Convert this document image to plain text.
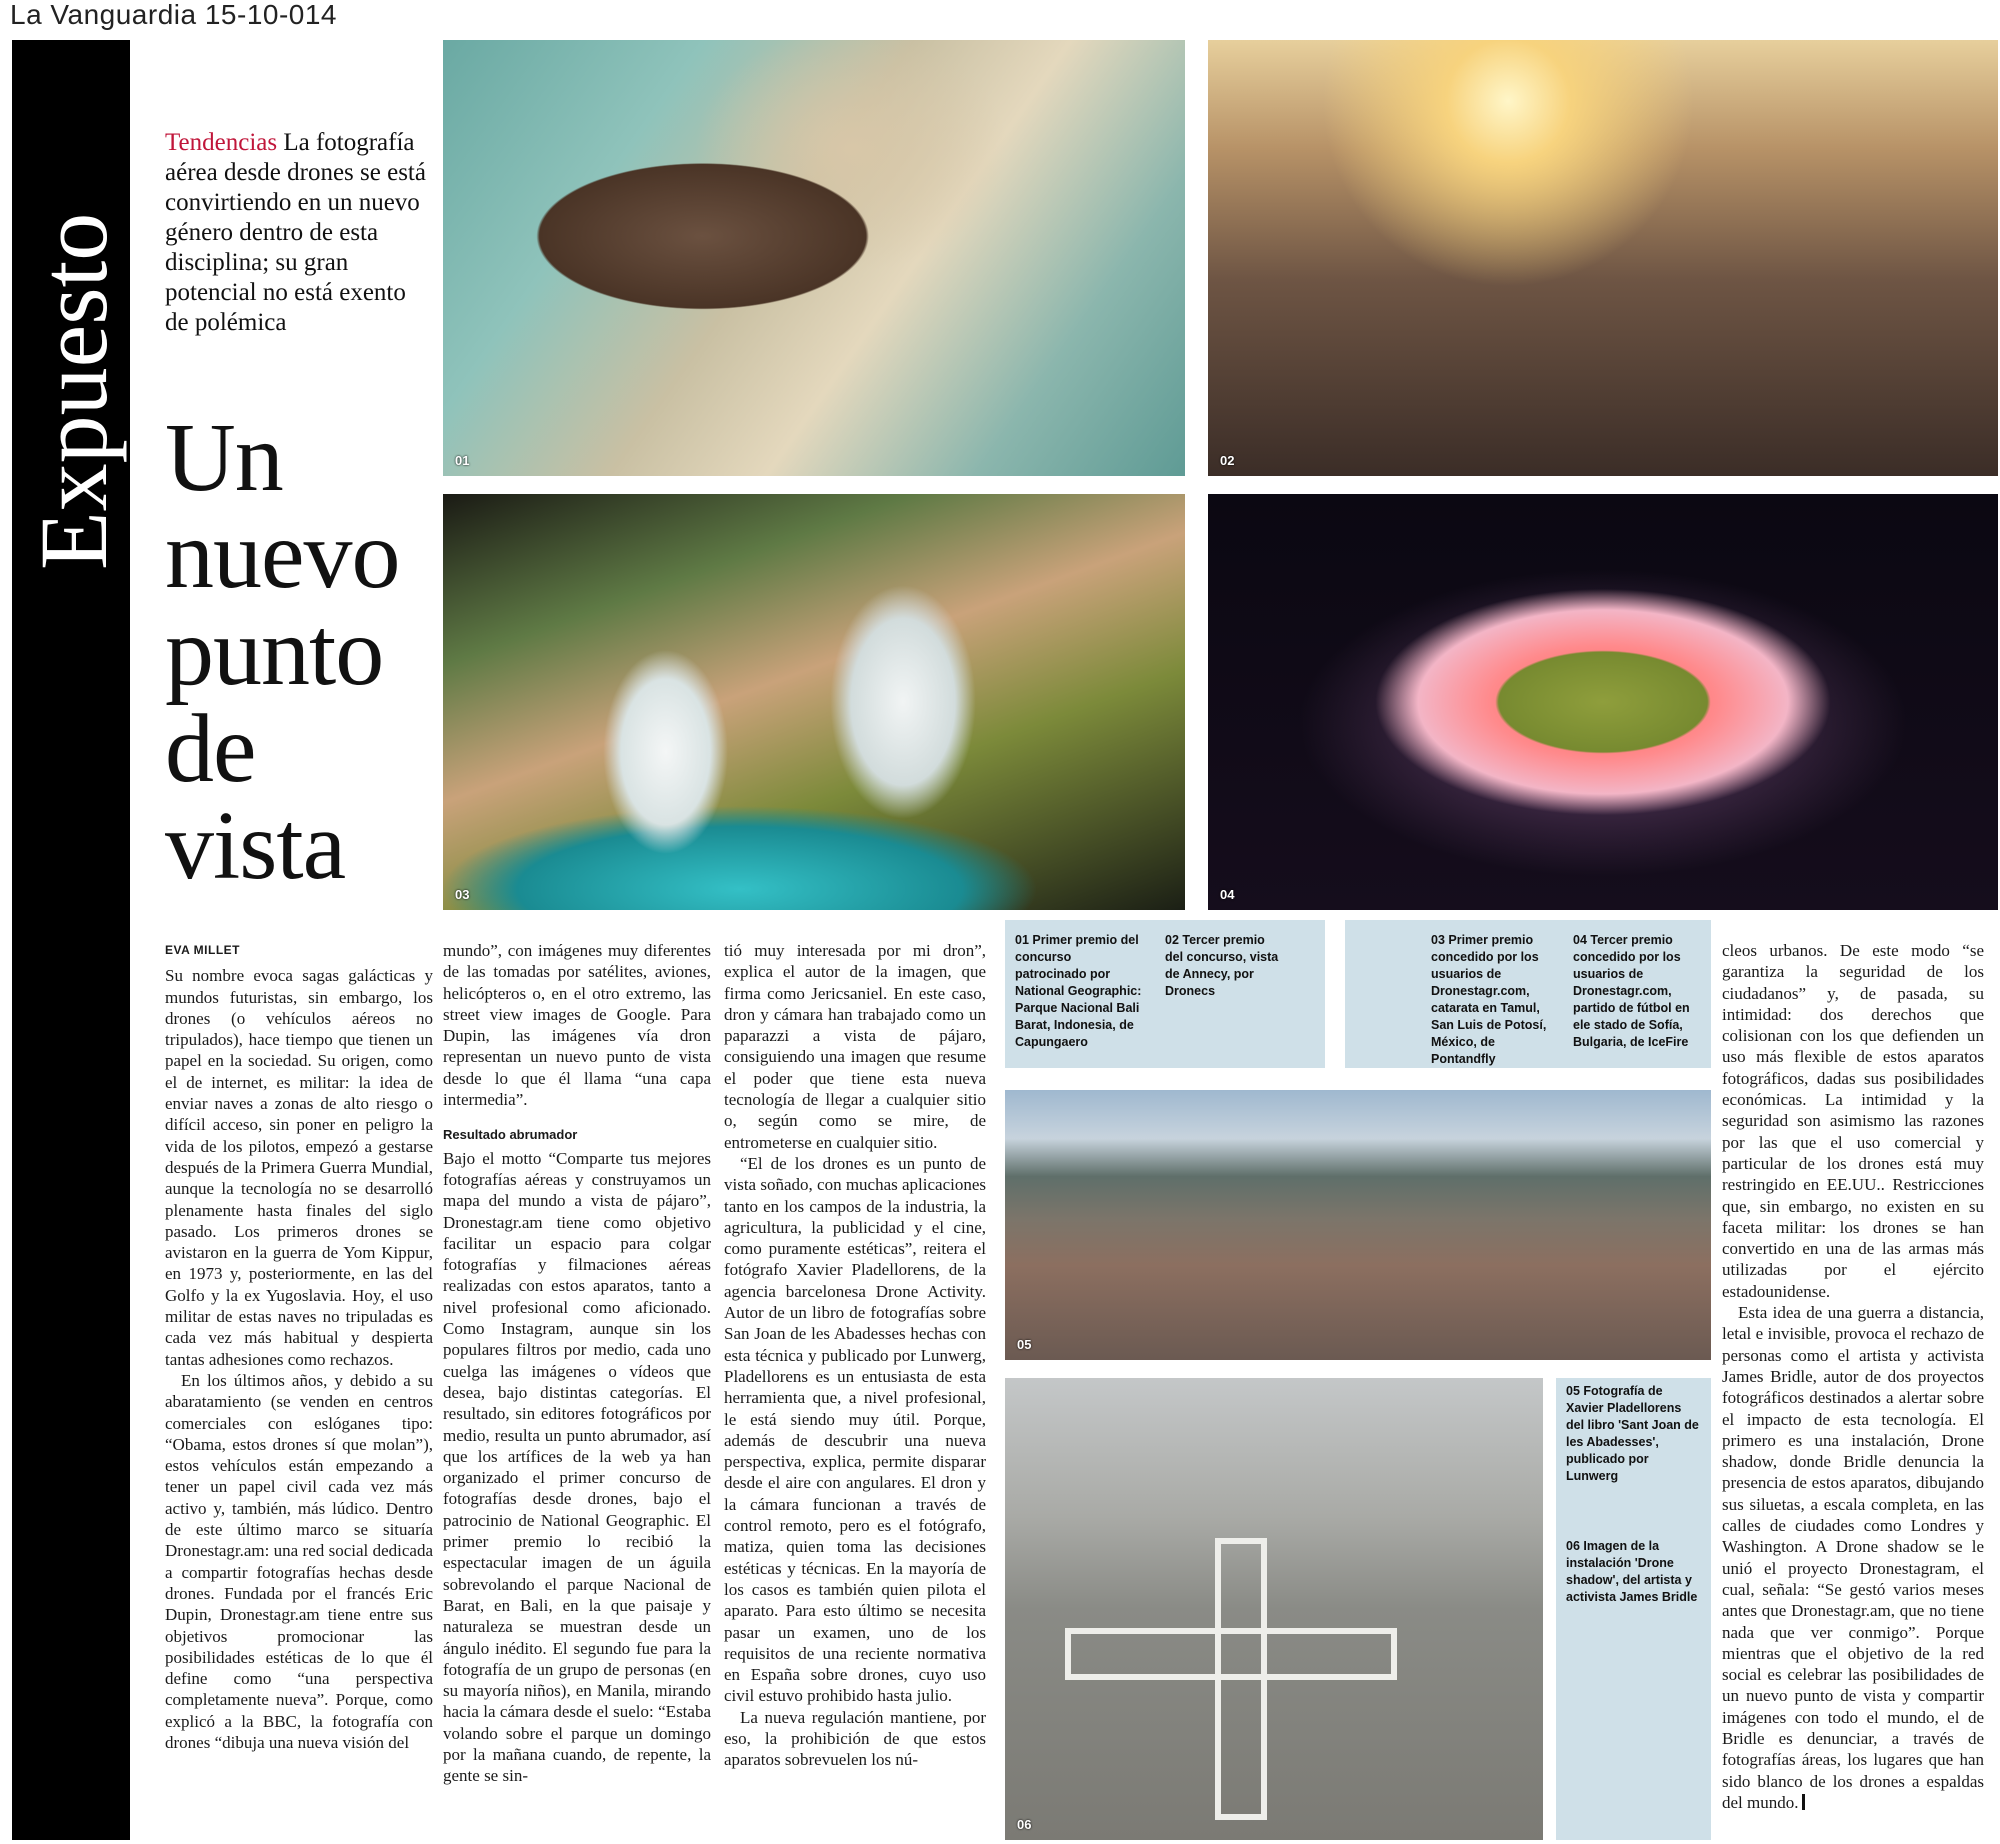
La Vanguardia 15-10-014
Expuesto
Tendencias La fotografía aérea desde drones se está convirtiendo en un nuevo género dentro de esta disciplina; su gran potencial no está exento de polémica
Un nuevo punto de vista
01	02
03	04
05
06
01 Primer premio del concurso patrocinado por National Geographic: Parque Nacional Bali Barat, Indonesia, de Capungaero
02 Tercer premio del concurso, vista de Annecy, por Dronecs
03 Primer premio concedido por los usuarios de Dronestagr.com, catarata en Tamul, San Luis de Potosí, México, de Pontandfly
04 Tercer premio concedido por los usuarios de Dronestagr.com, partido de fútbol en ele stado de Sofía, Bulgaria, de IceFire
05 Fotografía de Xavier Pladellorens del libro 'Sant Joan de les Abadesses', publicado por Lunwerg
06 Imagen de la instalación 'Drone shadow', del artista y activista James Bridle
EVA MILLET

Su nombre evoca sagas galácticas y mundos futuristas, sin embargo, los drones (o vehículos aéreos no tripulados), hace tiempo que tienen un papel en la sociedad. Su origen, como el de internet, es militar: la idea de enviar naves a zonas de alto riesgo o difícil acceso, sin poner en peligro la vida de los pilotos, empezó a gestarse después de la Primera Guerra Mundial, aunque la tecnología no se desarrolló plenamente hasta finales del siglo pasado. Los primeros drones se avistaron en la guerra de Yom Kippur, en 1973 y, posteriormente, en las del Golfo y la ex Yugoslavia. Hoy, el uso militar de estas naves no tripuladas es cada vez más habitual y despierta tantas adhesiones como rechazos.

En los últimos años, y debido a su abaratamiento (se venden en centros comerciales con eslóganes tipo: “Obama, estos drones sí que molan”), estos vehículos están empezando a tener un papel civil cada vez más activo y, también, más lúdico. Dentro de este último marco se situaría Dronestagr.am: una red social dedicada a compartir fotografías hechas desde drones. Fundada por el francés Eric Dupin, Dronestagr.am tiene entre sus objetivos promocionar las posibilidades estéticas de lo que él define como “una perspectiva completamente nueva”. Porque, como explicó a la BBC, la fotografía con drones “dibuja una nueva visión del

mundo”, con imágenes muy diferentes de las tomadas por satélites, aviones, helicópteros o, en el otro extremo, las street view images de Google. Para Dupin, las imágenes vía dron representan un nuevo punto de vista desde lo que él llama “una capa intermedia”.

Resultado abrumador

Bajo el motto “Comparte tus mejores fotografías aéreas y construyamos un mapa del mundo a vista de pájaro”, Dronestagr.am tiene como objetivo facilitar un espacio para colgar fotografías y filmaciones aéreas realizadas con estos aparatos, tanto a nivel profesional como aficionado. Como Instagram, aunque sin los populares filtros por medio, cada uno cuelga las imágenes o vídeos que desea, bajo distintas categorías. El resultado, sin editores fotográficos por medio, resulta un punto abrumador, así que los artífices de la web ya han organizado el primer concurso de fotografías desde drones, bajo el patrocinio de National Geographic. El primer premio lo recibió la espectacular imagen de un águila sobrevolando el parque Nacional de Barat, en Bali, en la que paisaje y naturaleza se muestran desde un ángulo inédito. El segundo fue para la fotografía de un grupo de personas (en su mayoría niños), en Manila, mirando hacia la cámara desde el suelo: “Estaba volando sobre el parque un domingo por la mañana cuando, de repente, la gente se sin-

tió muy interesada por mi dron”, explica el autor de la imagen, que firma como Jericsaniel. En este caso, dron y cámara han trabajado como un paparazzi a vista de pájaro, consiguiendo una imagen que resume el poder que tiene esta nueva tecnología de llegar a cualquier sitio o, según como se mire, de entrometerse en cualquier sitio.

“El de los drones es un punto de vista soñado, con muchas aplicaciones tanto en los campos de la industria, la agricultura, la publicidad y el cine, como puramente estéticas”, reitera el fotógrafo Xavier Pladellorens, de la agencia barcelonesa Drone Activity. Autor de un libro de fotografías sobre San Joan de les Abadesses hechas con esta técnica y publicado por Lunwerg, Pladellorens es un entusiasta de esta herramienta que, a nivel profesional, le está siendo muy útil. Porque, además de descubrir una nueva perspectiva, explica, permite disparar desde el aire con angulares. El dron y la cámara funcionan a través de control remoto, pero es el fotógrafo, matiza, quien toma las decisiones estéticas y técnicas. En la mayoría de los casos es también quien pilota el aparato. Para esto último se necesita pasar un examen, uno de los requisitos de una reciente normativa en España sobre drones, cuyo uso civil estuvo prohibido hasta julio.

La nueva regulación mantiene, por eso, la prohibición de que estos aparatos sobrevuelen los nú-

cleos urbanos. De este modo “se garantiza la seguridad de los ciudadanos” y, de pasada, su intimidad: dos derechos que colisionan con los que defienden un uso más flexible de estos aparatos fotográficos, dadas sus posibilidades económicas. La intimidad y la seguridad son asimismo las razones por las que el uso comercial y particular de los drones está muy restringido en EE.UU.. Restricciones que, sin embargo, no existen en su faceta militar: los drones se han convertido en una de las armas más utilizadas por el ejército estadounidense.

Esta idea de una guerra a distancia, letal e invisible, provoca el rechazo de personas como el artista y activista James Bridle, autor de dos proyectos fotográficos destinados a alertar sobre el impacto de esta tecnología. El primero es una instalación, Drone shadow, donde Bridle denuncia la presencia de estos aparatos, dibujando sus siluetas, a escala completa, en las calles de ciudades como Londres y Washington. A Drone shadow se le unió el proyecto Dronestagram, el cual, señala: “Se gestó varios meses antes que Dronestagr.am, que no tiene nada que ver conmigo”. Porque mientras que el objetivo de la red social es celebrar las posibilidades de un nuevo punto de vista y compartir imágenes con todo el mundo, el de Bridle es denunciar, a través de fotografías áreas, los lugares que han sido blanco de los drones a espaldas del mundo.
